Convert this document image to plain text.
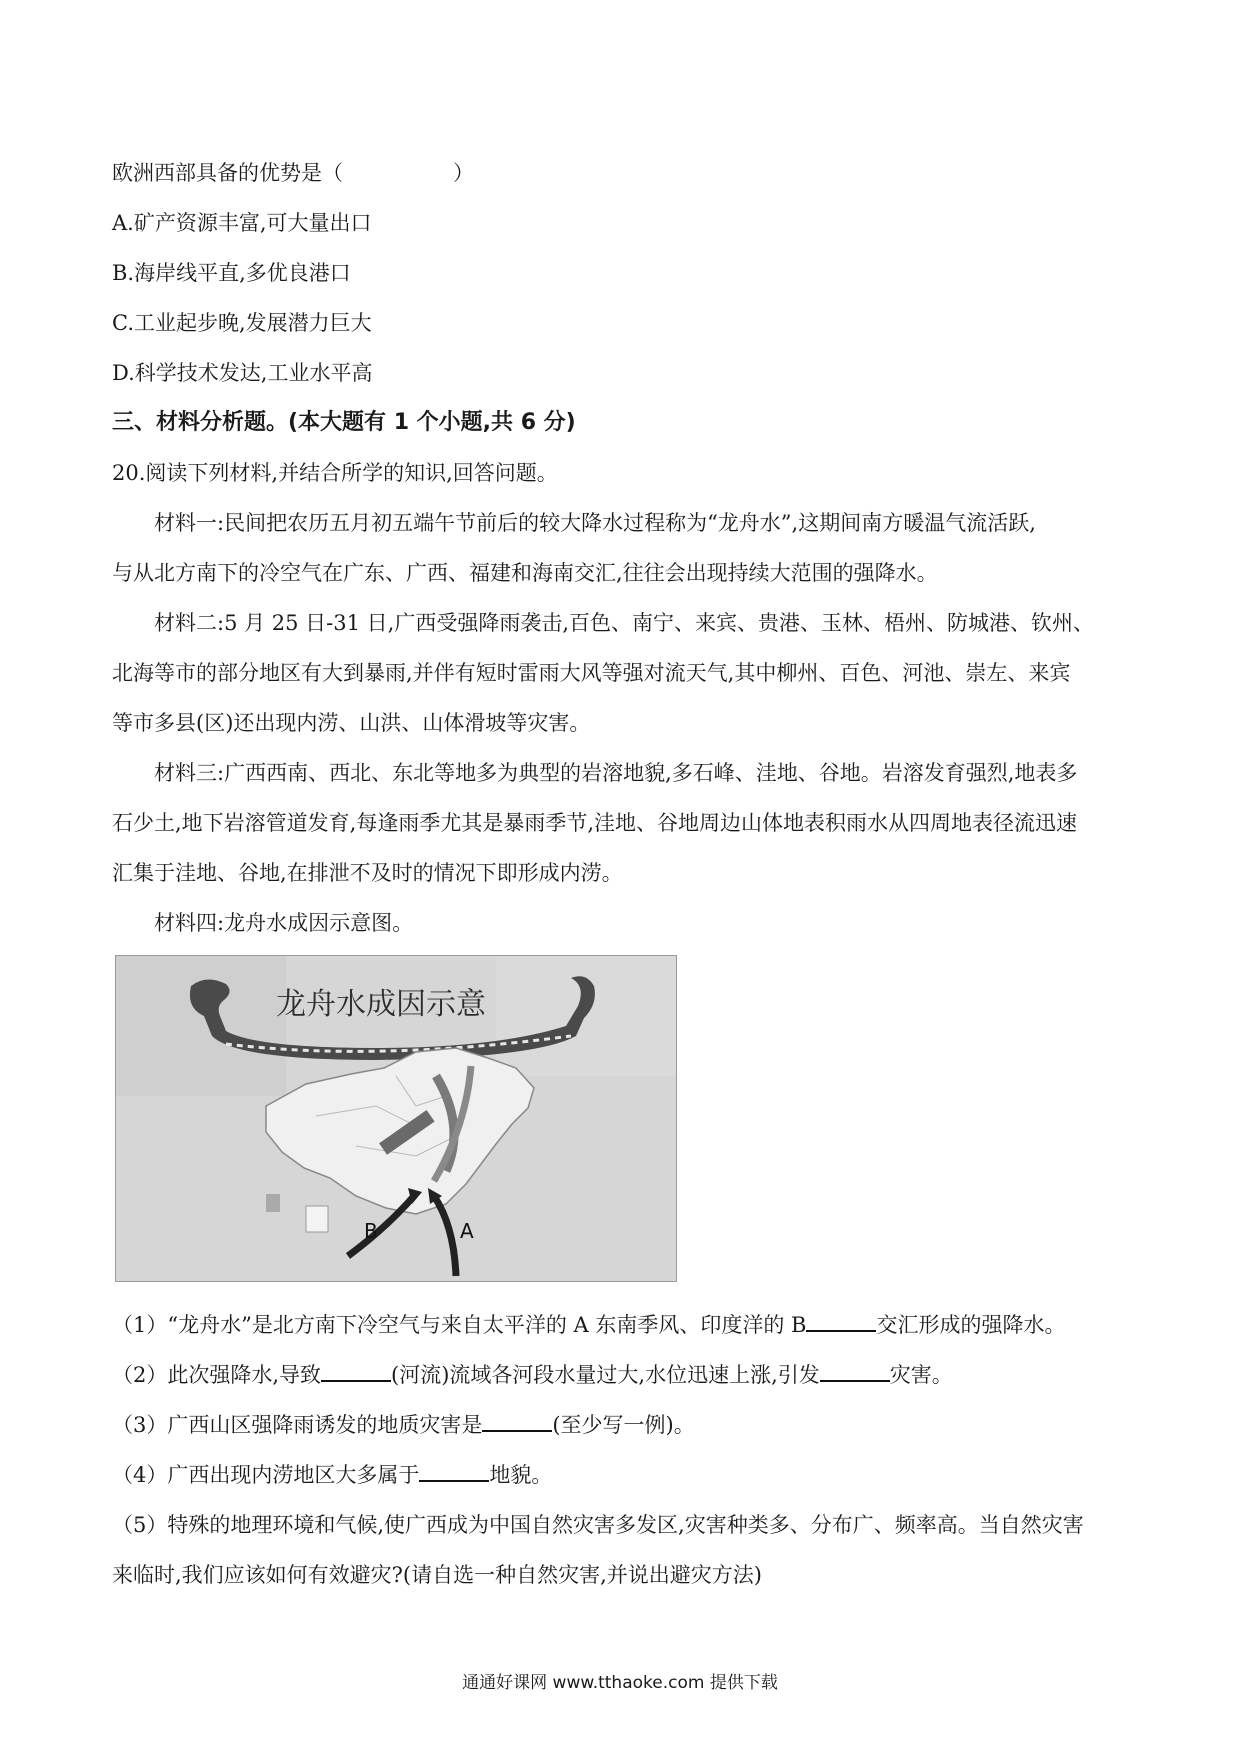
欧洲西部具备的优势是（	）
A.矿产资源丰富,可大量出口
B.海岸线平直,多优良港口
C.工业起步晚,发展潜力巨大
D.科学技术发达,工业水平高
三、材料分析题。(本大题有 1 个小题,共 6 分)
20.阅读下列材料,并结合所学的知识,回答问题。
材料一:民间把农历五月初五端午节前后的较大降水过程称为“龙舟水”,这期间南方暖温气流活跃,
与从北方南下的冷空气在广东、广西、福建和海南交汇,往往会出现持续大范围的强降水。
材料二:5 月 25 日-31 日,广西受强降雨袭击,百色、南宁、来宾、贵港、玉林、梧州、防城港、钦州、
北海等市的部分地区有大到暴雨,并伴有短时雷雨大风等强对流天气,其中柳州、百色、河池、崇左、来宾
等市多县(区)还出现内涝、山洪、山体滑坡等灾害。
材料三:广西西南、西北、东北等地多为典型的岩溶地貌,多石峰、洼地、谷地。岩溶发育强烈,地表多
石少土,地下岩溶管道发育,每逢雨季尤其是暴雨季节,洼地、谷地周边山体地表积雨水从四周地表径流迅速
汇集于洼地、谷地,在排泄不及时的情况下即形成内涝。
材料四:龙舟水成因示意图。
龙舟水成因示意
B	A
（1）“龙舟水”是北方南下冷空气与来自太平洋的 A 东南季风、印度洋的 B	交汇形成的强降水。
（2）此次强降水,导致	(河流)流域各河段水量过大,水位迅速上涨,引发	灾害。
（3）广西山区强降雨诱发的地质灾害是	(至少写一例)。
（4）广西出现内涝地区大多属于	地貌。
（5）特殊的地理环境和气候,使广西成为中国自然灾害多发区,灾害种类多、分布广、频率高。当自然灾害
来临时,我们应该如何有效避灾?(请自选一种自然灾害,并说出避灾方法)
通通好课网 www.tthaoke.com 提供下载
